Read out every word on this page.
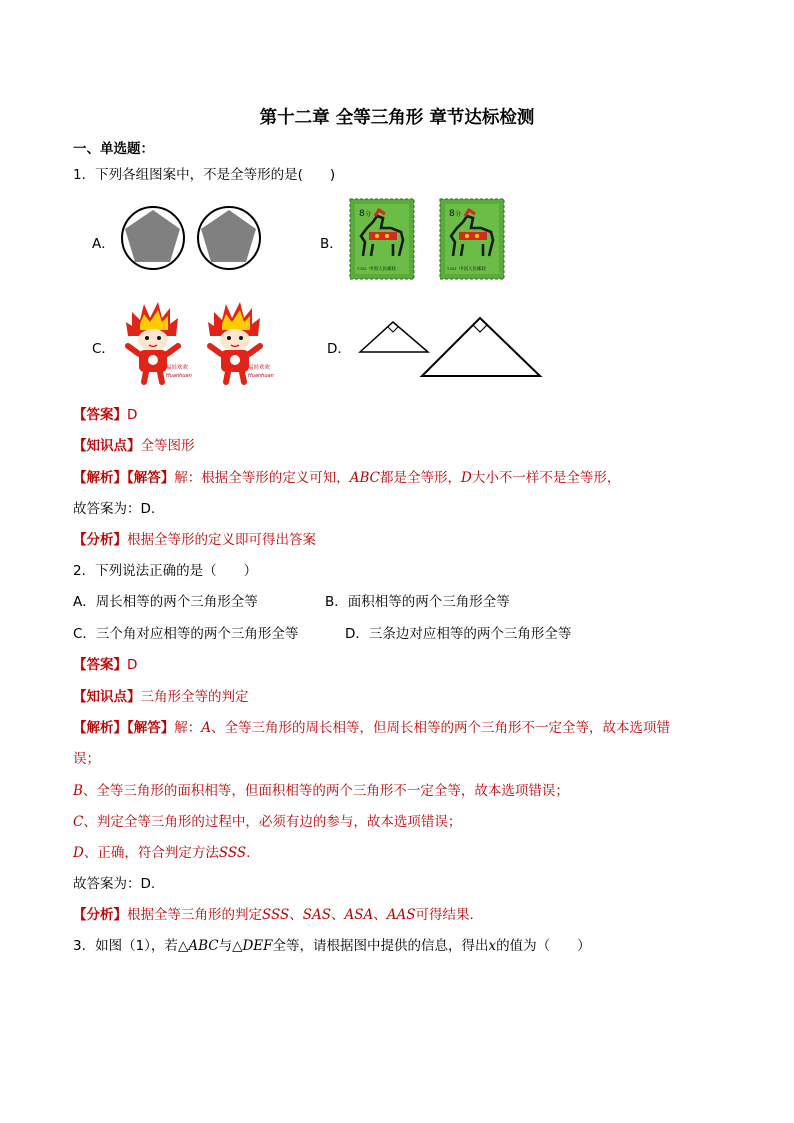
第十二章 全等三角形 章节达标检测
一、单选题：
1．下列各组图案中，不是全等形的是(　　)
A．	B．
8 分
中国人民邮政
T.102
8 分
中国人民邮政
T.102
C．
福娃欢欢
Huanhuan
福娃欢欢
Huanhuan
D．
【答案】D
【知识点】全等图形
【解析】【解答】解：根据全等形的定义可知，ABC都是全等形，D大小不一样不是全等形，
故答案为：D.
【分析】根据全等形的定义即可得出答案
2．下列说法正确的是（　　）
A．周长相等的两个三角形全等	B．面积相等的两个三角形全等
C．三个角对应相等的两个三角形全等	D．三条边对应相等的两个三角形全等
【答案】D
【知识点】三角形全等的判定
【解析】【解答】解：A、全等三角形的周长相等，但周长相等的两个三角形不一定全等，故本选项错
误；
B、全等三角形的面积相等，但面积相等的两个三角形不一定全等，故本选项错误；
C、判定全等三角形的过程中，必须有边的参与，故本选项错误；
D、正确，符合判定方法SSS.
故答案为：D.
【分析】根据全等三角形的判定SSS、SAS、ASA、AAS可得结果.
3．如图（1），若△ABC与△DEF全等，请根据图中提供的信息，得出x的值为（　　）
